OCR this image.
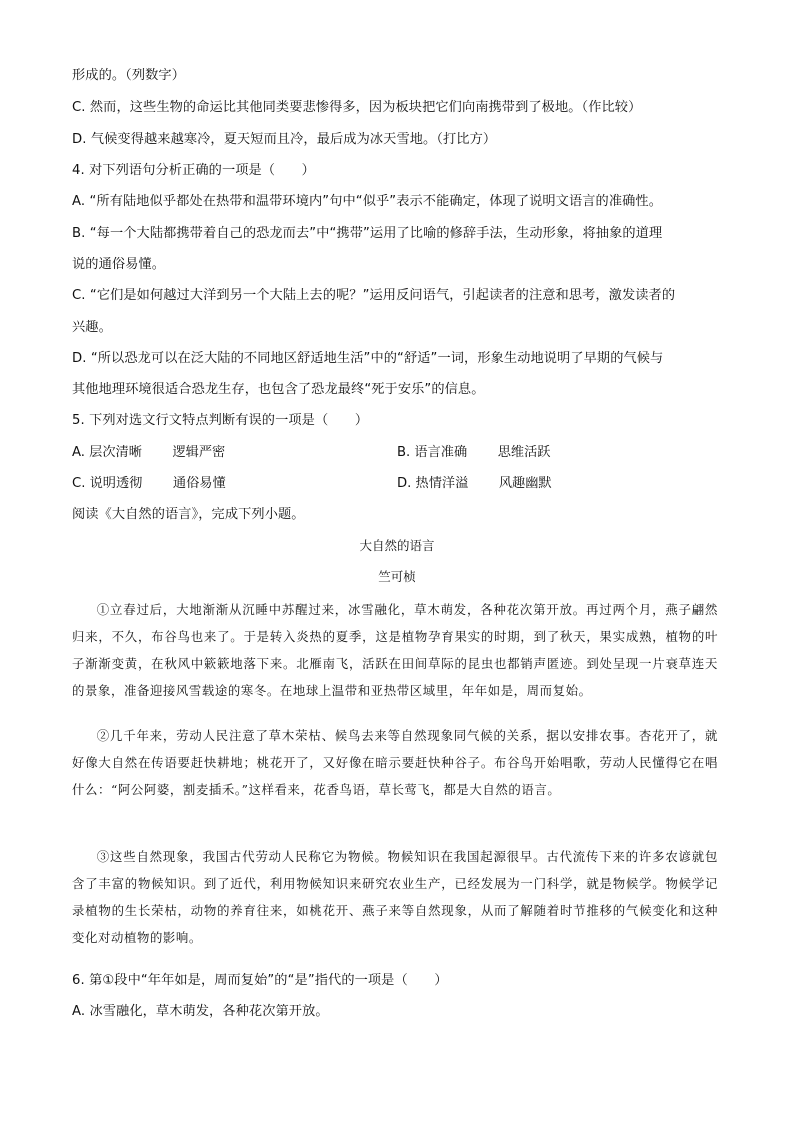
形成的。（列数字）
C. 然而，这些生物的命运比其他同类要悲惨得多，因为板块把它们向南携带到了极地。（作比较）
D. 气候变得越来越寒冷，夏天短而且冷，最后成为冰天雪地。（打比方）
4. 对下列语句分析正确的一项是（　　）
A. “所有陆地似乎都处在热带和温带环境内”句中“似乎”表示不能确定，体现了说明文语言的准确性。
B. “每一个大陆都携带着自己的恐龙而去”中“携带”运用了比喻的修辞手法，生动形象，将抽象的道理
说的通俗易懂。
C. “它们是如何越过大洋到另一个大陆上去的呢？”运用反问语气，引起读者的注意和思考，激发读者的
兴趣。
D. “所以恐龙可以在泛大陆的不同地区舒适地生活”中的“舒适”一词，形象生动地说明了早期的气候与
其他地理环境很适合恐龙生存，也包含了恐龙最终“死于安乐”的信息。
5. 下列对选文行文特点判断有误的一项是（　　）
A. 层次清晰　　 逻辑严密	B. 语言准确　　 思维活跃
C. 说明透彻　　 通俗易懂	D. 热情洋溢　　 风趣幽默
阅读《大自然的语言》，完成下列小题。
大自然的语言
竺可桢
①立春过后，大地渐渐从沉睡中苏醒过来，冰雪融化，草木萌发，各种花次第开放。再过两个月，燕子翩然归来，不久，布谷鸟也来了。于是转入炎热的夏季，这是植物孕育果实的时期，到了秋天，果实成熟，植物的叶子渐渐变黄，在秋风中簌簌地落下来。北雁南飞，活跃在田间草际的昆虫也都销声匿迹。到处呈现一片衰草连天的景象，准备迎接风雪载途的寒冬。在地球上温带和亚热带区域里，年年如是，周而复始。
②几千年来，劳动人民注意了草木荣枯、候鸟去来等自然现象同气候的关系，据以安排农事。杏花开了，就好像大自然在传语要赶快耕地；桃花开了，又好像在暗示要赶快种谷子。布谷鸟开始唱歌，劳动人民懂得它在唱什么：“阿公阿婆，割麦插禾。”这样看来，花香鸟语，草长莺飞，都是大自然的语言。
③这些自然现象，我国古代劳动人民称它为物候。物候知识在我国起源很早。古代流传下来的许多农谚就包含了丰富的物候知识。到了近代，利用物候知识来研究农业生产，已经发展为一门科学，就是物候学。物候学记录植物的生长荣枯，动物的养育往来，如桃花开、燕子来等自然现象，从而了解随着时节推移的气候变化和这种变化对动植物的影响。
6. 第①段中“年年如是，周而复始”的“是”指代的一项是（　　）
A. 冰雪融化，草木萌发，各种花次第开放。
